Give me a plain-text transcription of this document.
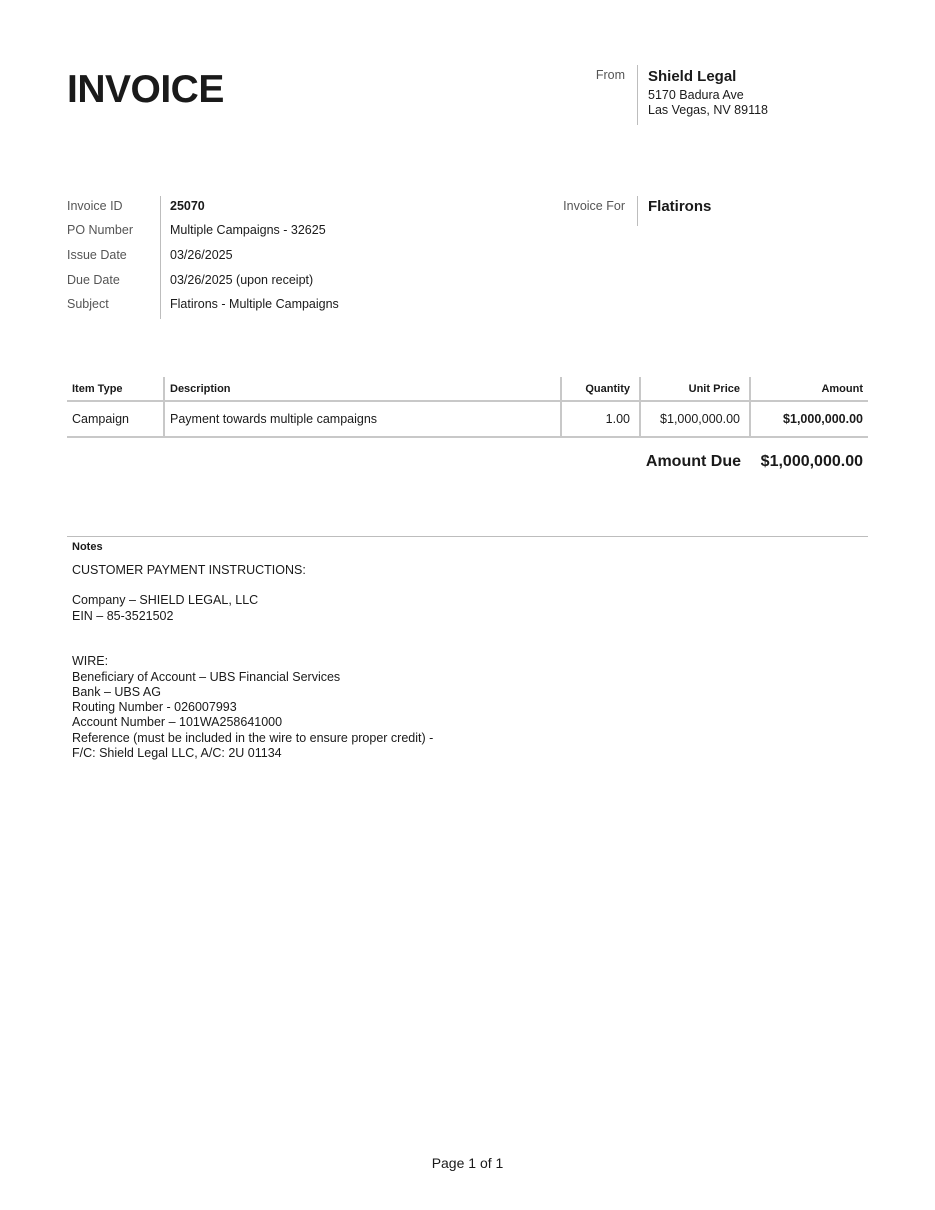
INVOICE	From Shield Legal
5170 Badura Ave
Las Vegas, NV 89118
Invoice ID	25070
PO Number	Multiple Campaigns - 32625
Issue Date	03/26/2025
Due Date	03/26/2025 (upon receipt)
Subject	Flatirons - Multiple Campaigns
Invoice For Flatirons
Item Type	Description	Quantity	Unit Price	Amount
Campaign	Payment towards multiple campaigns	1.00	$1,000,000.00	$1,000,000.00
Amount Due	$1,000,000.00
Notes
CUSTOMER PAYMENT INSTRUCTIONS:
Company – SHIELD LEGAL, LLC
EIN – 85-3521502
WIRE:
Beneficiary of Account – UBS Financial Services
Bank – UBS AG
Routing Number - 026007993
Account Number – 101WA258641000
Reference (must be included in the wire to ensure proper credit) -
F/C: Shield Legal LLC, A/C: 2U 01134
Page 1 of 1
